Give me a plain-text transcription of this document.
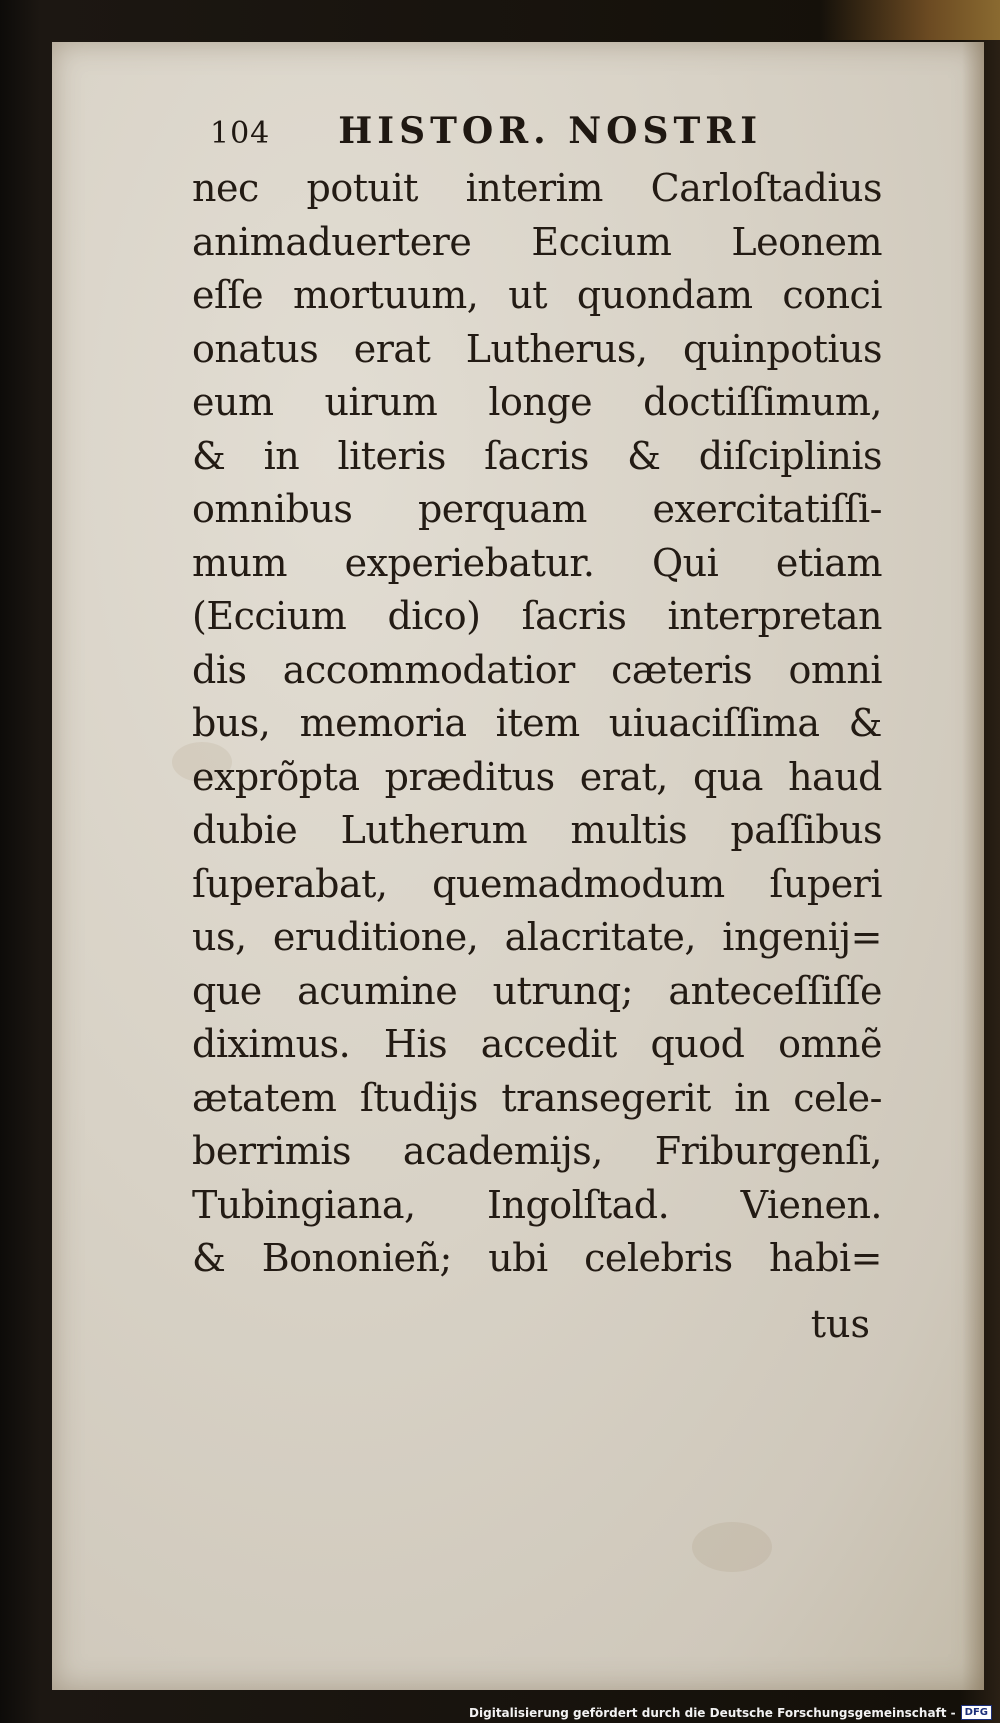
104 HISTOR. NOSTRI
nec potuit interim Carloſtadius
animaduertere Eccium Leonem
eſſe mortuum, ut quondam conci
onatus erat Lutherus, quinpotius
eum uirum longe doctiſſimum,
& in literis ſacris & diſciplinis
omnibus perquam exercitatiſſi-
mum experiebatur. Qui etiam
(Eccium dico) ſacris interpretan
dis accommodatior cæteris omni
bus, memoria item uiuaciſſima &
exprõpta præditus erat, qua haud
dubie Lutherum multis paſſibus
ſuperabat, quemadmodum ſuperi
us, eruditione, alacritate, ingenij=
que acumine utrunq; anteceſſiſſe
diximus. His accedit quod omnẽ
ætatem ſtudijs transegerit in cele-
berrimis academijs, Friburgenſi,
Tubingiana, Ingolſtad. Vienen.
& Bononieñ; ubi celebris habi=
tus
Digitalisierung gefördert durch die Deutsche Forschungsgemeinschaft - DFG
